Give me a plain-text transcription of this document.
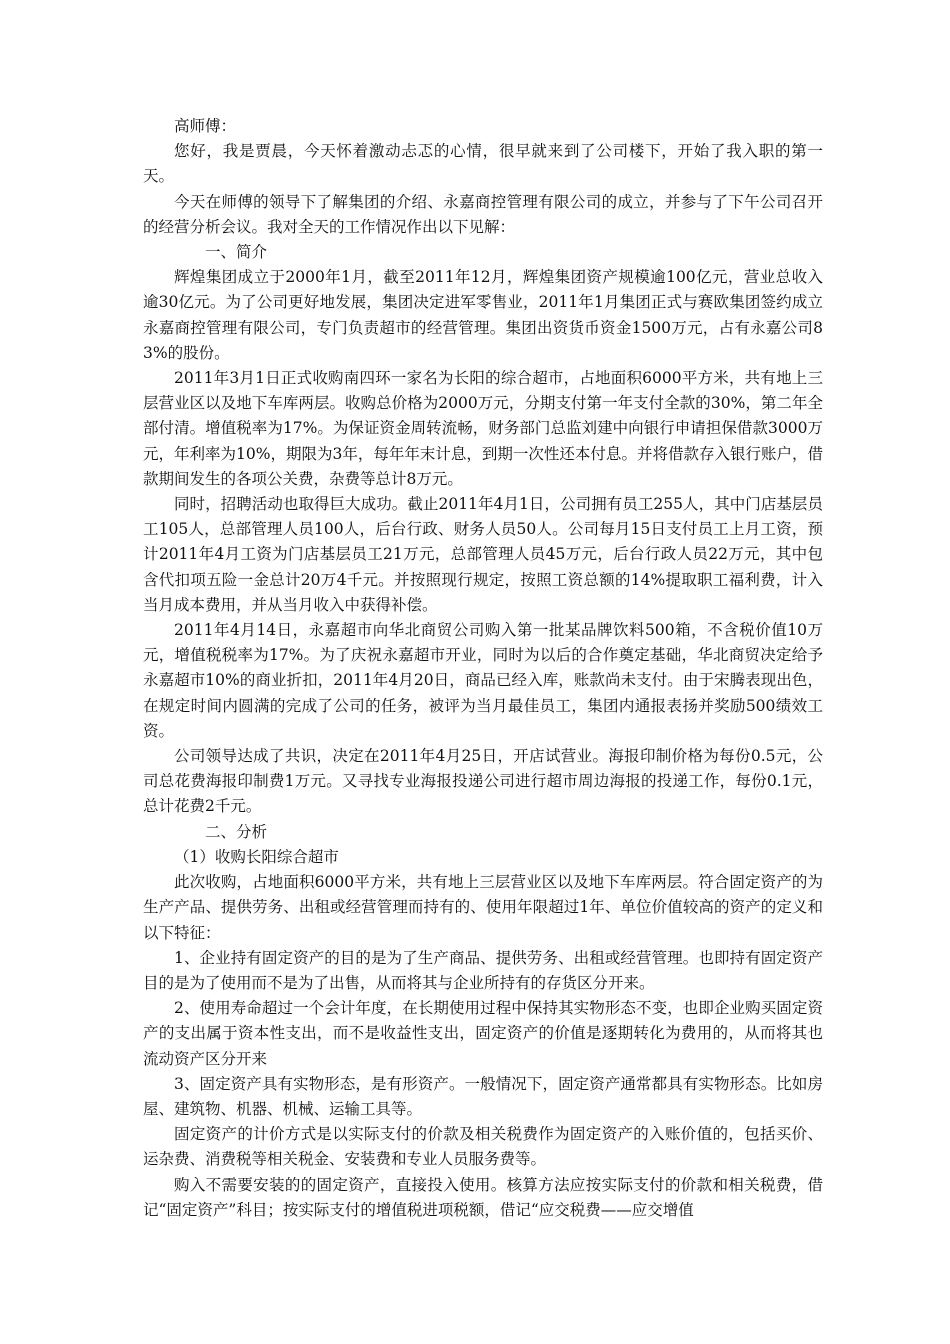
高师傅：

您好，我是贾晨，今天怀着激动忐忑的心情，很早就来到了公司楼下，开始了我入职的第一天。

今天在师傅的领导下了解集团的介绍、永嘉商控管理有限公司的成立，并参与了下午公司召开的经营分析会议。我对全天的工作情况作出以下见解：

一、简介

辉煌集团成立于2000年1月，截至2011年12月，辉煌集团资产规模逾100亿元，营业总收入逾30亿元。为了公司更好地发展，集团决定进军零售业，2011年1月集团正式与赛欧集团签约成立永嘉商控管理有限公司，专门负责超市的经营管理。集团出资货币资金1500万元，占有永嘉公司83%的股份。

2011年3月1日正式收购南四环一家名为长阳的综合超市，占地面积6000平方米，共有地上三层营业区以及地下车库两层。收购总价格为2000万元，分期支付第一年支付全款的30%，第二年全部付清。增值税率为17%。为保证资金周转流畅，财务部门总监刘建中向银行申请担保借款3000万元，年利率为10%，期限为3年，每年年末计息，到期一次性还本付息。并将借款存入银行账户，借款期间发生的各项公关费，杂费等总计8万元。

同时，招聘活动也取得巨大成功。截止2011年4月1日，公司拥有员工255人，其中门店基层员工105人，总部管理人员100人，后台行政、财务人员50人。公司每月15日支付员工上月工资，预计2011年4月工资为门店基层员工21万元，总部管理人员45万元，后台行政人员22万元，其中包含代扣项五险一金总计20万4千元。并按照现行规定，按照工资总额的14%提取职工福利费，计入当月成本费用，并从当月收入中获得补偿。

2011年4月14日，永嘉超市向华北商贸公司购入第一批某品牌饮料500箱，不含税价值10万元，增值税税率为17%。为了庆祝永嘉超市开业，同时为以后的合作奠定基础，华北商贸决定给予永嘉超市10%的商业折扣，2011年4月20日，商品已经入库，账款尚未支付。由于宋腾表现出色，在规定时间内圆满的完成了公司的任务，被评为当月最佳员工，集团内通报表扬并奖励500绩效工资。

公司领导达成了共识，决定在2011年4月25日，开店试营业。海报印制价格为每份0.5元，公司总花费海报印制费1万元。又寻找专业海报投递公司进行超市周边海报的投递工作，每份0.1元，总计花费2千元。

二、分析

（1）收购长阳综合超市

此次收购，占地面积6000平方米，共有地上三层营业区以及地下车库两层。符合固定资产的为生产产品、提供劳务、出租或经营管理而持有的、使用年限超过1年、单位价值较高的资产的定义和以下特征：

1、企业持有固定资产的目的是为了生产商品、提供劳务、出租或经营管理。也即持有固定资产目的是为了使用而不是为了出售，从而将其与企业所持有的存货区分开来。

2、使用寿命超过一个会计年度，在长期使用过程中保持其实物形态不变，也即企业购买固定资产的支出属于资本性支出，而不是收益性支出，固定资产的价值是逐期转化为费用的，从而将其也流动资产区分开来

3、固定资产具有实物形态，是有形资产。一般情况下，固定资产通常都具有实物形态。比如房屋、建筑物、机器、机械、运输工具等。

固定资产的计价方式是以实际支付的价款及相关税费作为固定资产的入账价值的，包括买价、运杂费、消费税等相关税金、安装费和专业人员服务费等。

购入不需要安装的的固定资产，直接投入使用。核算方法应按实际支付的价款和相关税费，借记“固定资产”科目；按实际支付的增值税进项税额，借记“应交税费——应交增值
